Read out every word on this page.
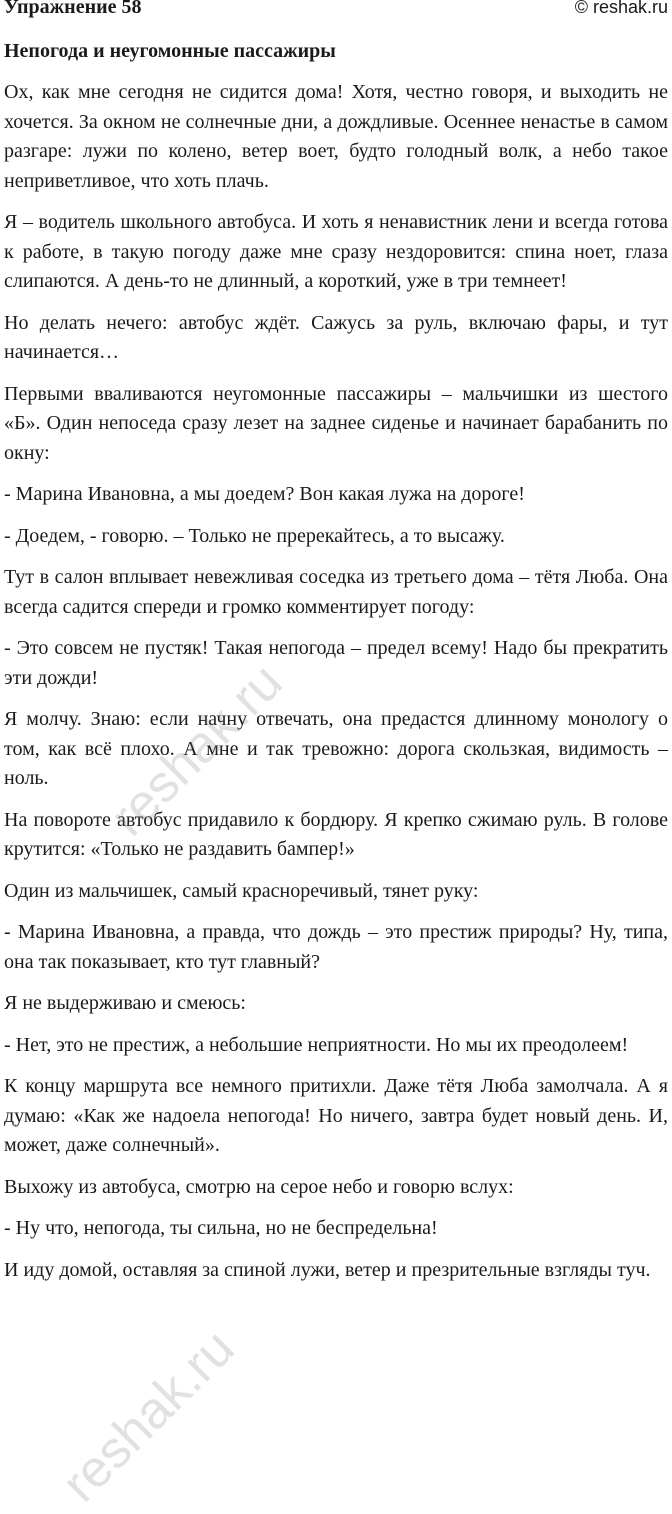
Упражнение 58	© reshak.ru
Непогода и неугомонные пассажиры

Ох, как мне сегодня не сидится дома! Хотя, честно говоря, и выходить не хочется. За окном не солнечные дни, а дождливые. Осеннее ненастье в самом разгаре: лужи по колено, ветер воет, будто голодный волк, а небо такое неприветливое, что хоть плачь.

Я – водитель школьного автобуса. И хоть я ненавистник лени и всегда готова к работе, в такую погоду даже мне сразу нездоровится: спина ноет, глаза слипаются. А день-то не длинный, а короткий, уже в три темнеет!

Но делать нечего: автобус ждёт. Сажусь за руль, включаю фары, и тут начинается…

Первыми вваливаются неугомонные пассажиры – мальчишки из шестого «Б». Один непоседа сразу лезет на заднее сиденье и начинает барабанить по окну:

- Марина Ивановна, а мы доедем? Вон какая лужа на дороге!

- Доедем, - говорю. – Только не пререкайтесь, а то высажу.

Тут в салон вплывает невежливая соседка из третьего дома – тётя Люба. Она всегда садится спереди и громко комментирует погоду:

- Это совсем не пустяк! Такая непогода – предел всему! Надо бы прекратить эти дожди!

Я молчу. Знаю: если начну отвечать, она предастся длинному монологу о том, как всё плохо. А мне и так тревожно: дорога скользкая, видимость – ноль.

На повороте автобус придавило к бордюру. Я крепко сжимаю руль. В голове крутится: «Только не раздавить бампер!»

Один из мальчишек, самый красноречивый, тянет руку:

- Марина Ивановна, а правда, что дождь – это престиж природы? Ну, типа, она так показывает, кто тут главный?

Я не выдерживаю и смеюсь:

- Нет, это не престиж, а небольшие неприятности. Но мы их преодолеем!

К концу маршрута все немного притихли. Даже тётя Люба замолчала. А я думаю: «Как же надоела непогода! Но ничего, завтра будет новый день. И, может, даже солнечный».

Выхожу из автобуса, смотрю на серое небо и говорю вслух:

- Ну что, непогода, ты сильна, но не беспредельна!

И иду домой, оставляя за спиной лужи, ветер и презрительные взгляды туч.

reshak.ru
reshak.ru
